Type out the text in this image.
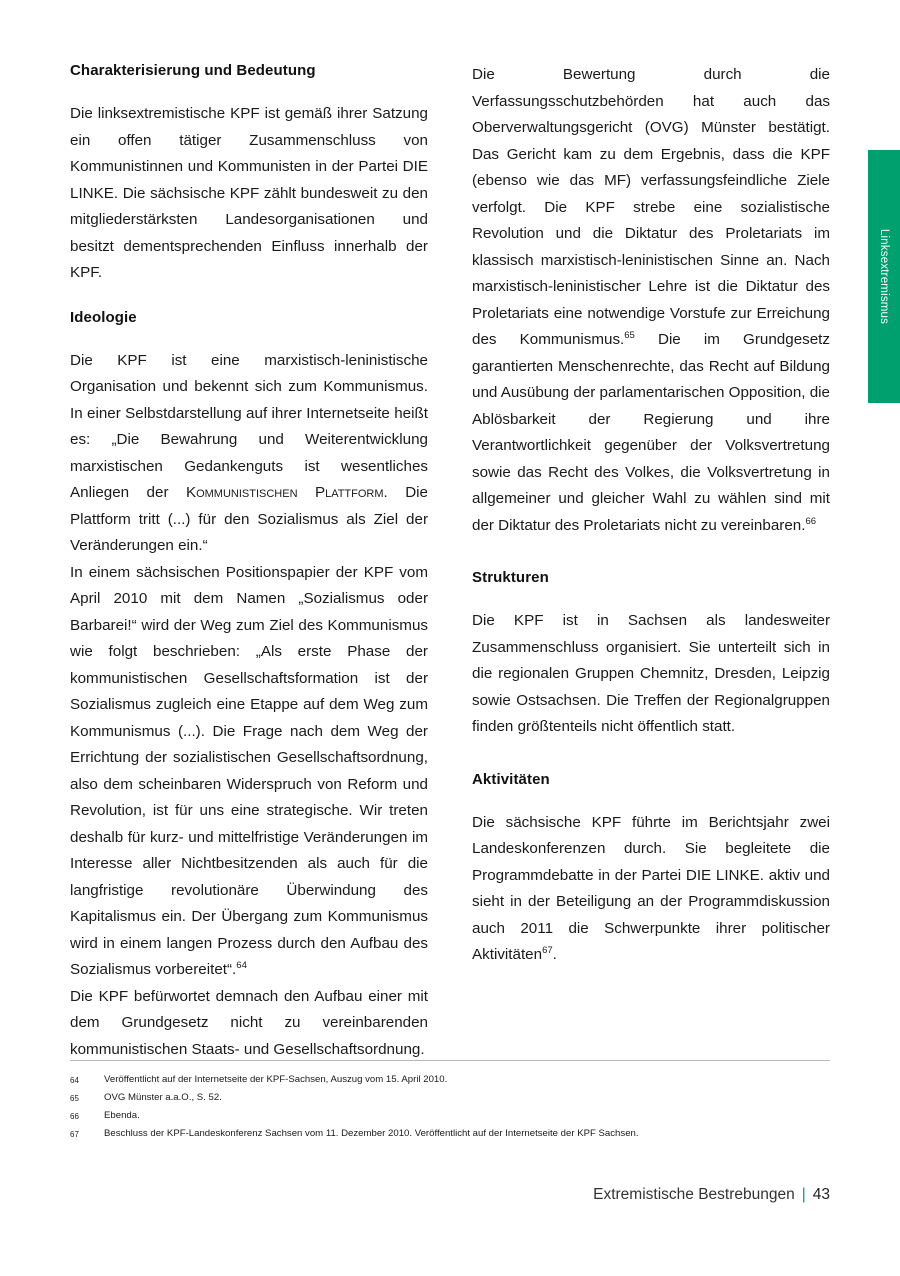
Linksextremismus
Charakterisierung und Bedeutung

Die linksextremistische KPF ist gemäß ihrer Satzung ein offen tätiger Zusammenschluss von Kommunistinnen und Kommunisten in der Partei DIE LINKE. Die sächsische KPF zählt bundesweit zu den mitgliederstärksten Landesorganisationen und besitzt dementsprechenden Einfluss innerhalb der KPF.

Ideologie

Die KPF ist eine marxistisch-leninistische Organisation und bekennt sich zum Kommunismus. In einer Selbstdarstellung auf ihrer Internetseite heißt es: „Die Bewahrung und Weiterentwicklung marxistischen Gedankenguts ist wesentliches Anliegen der Kommunistischen Plattform. Die Plattform tritt (...) für den Sozialismus als Ziel der Veränderungen ein.“

In einem sächsischen Positionspapier der KPF vom April 2010 mit dem Namen „Sozialismus oder Barbarei!“ wird der Weg zum Ziel des Kommunismus wie folgt beschrieben: „Als erste Phase der kommunistischen Gesellschaftsformation ist der Sozialismus zugleich eine Etappe auf dem Weg zum Kommunismus (...). Die Frage nach dem Weg der Errichtung der sozialistischen Gesellschaftsordnung, also dem scheinbaren Widerspruch von Reform und Revolution, ist für uns eine strategische. Wir treten deshalb für kurz- und mittelfristige Veränderungen im Interesse aller Nichtbesitzenden als auch für die langfristige revolutionäre Überwindung des Kapitalismus ein. Der Übergang zum Kommunismus wird in einem langen Prozess durch den Aufbau des Sozialismus vorbereitet“.$^{64}$

Die KPF befürwortet demnach den Aufbau einer mit dem Grundgesetz nicht zu vereinbarenden kommunistischen Staats- und Gesellschaftsordnung.

Die Bewertung durch die Verfassungsschutzbehörden hat auch das Oberverwaltungsgericht (OVG) Münster bestätigt. Das Gericht kam zu dem Ergebnis, dass die KPF (ebenso wie das MF) verfassungsfeindliche Ziele verfolgt. Die KPF strebe eine sozialistische Revolution und die Diktatur des Proletariats im klassisch marxistisch-leninistischen Sinne an. Nach marxistisch-leninistischer Lehre ist die Diktatur des Proletariats eine notwendige Vorstufe zur Erreichung des Kommunismus.$^{65}$ Die im Grundgesetz garantierten Menschenrechte, das Recht auf Bildung und Ausübung der parlamentarischen Opposition, die Ablösbarkeit der Regierung und ihre Verantwortlichkeit gegenüber der Volksvertretung sowie das Recht des Volkes, die Volksvertretung in allgemeiner und gleicher Wahl zu wählen sind mit der Diktatur des Proletariats nicht zu vereinbaren.$^{66}$

Strukturen

Die KPF ist in Sachsen als landesweiter Zusammenschluss organisiert. Sie unterteilt sich in die regionalen Gruppen Chemnitz, Dresden, Leipzig sowie Ostsachsen. Die Treffen der Regionalgruppen finden größtenteils nicht öffentlich statt.

Aktivitäten

Die sächsische KPF führte im Berichtsjahr zwei Landeskonferenzen durch. Sie begleitete die Programmdebatte in der Partei DIE LINKE. aktiv und sieht in der Beteiligung an der Programmdiskussion auch 2011 die Schwerpunkte ihrer politischer Aktivitäten$^{67}$.

64	Veröffentlicht auf der Internetseite der KPF-Sachsen, Auszug vom 15. April 2010.
65	OVG Münster a.a.O., S. 52.
66	Ebenda.
67	Beschluss der KPF-Landeskonferenz Sachsen vom 11. Dezember 2010. Veröffentlicht auf der Internetseite der KPF Sachsen.
Extremistische Bestrebungen | 43
